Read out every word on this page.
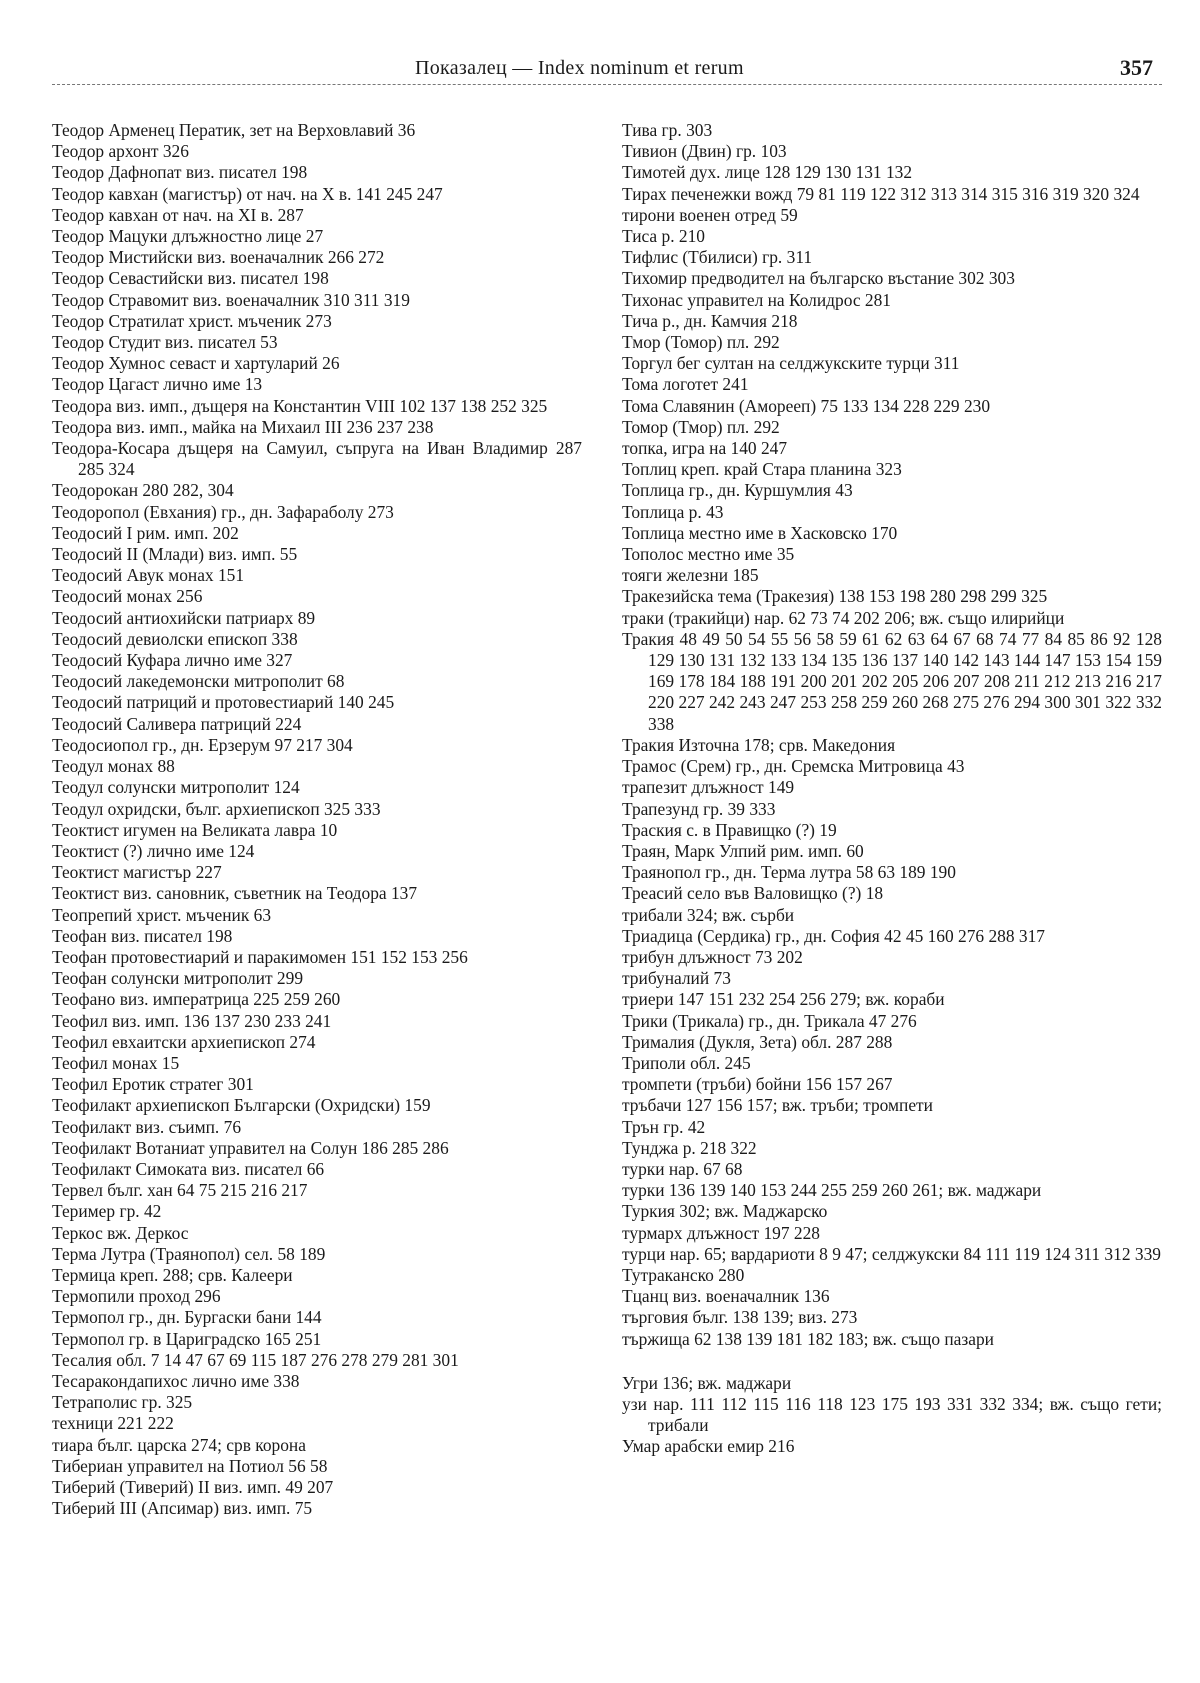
Показалец — Index nominum et rerum	357
Теодор Арменец Перaтик, зет на Верховлавий 36
Теодор архонт 326
Теодор Дафнопат виз. писател 198
Теодор кавхан (магистър) от нач. на X в. 141 245 247
Теодор кавхан от нач. на XI в. 287
Теодор Мацуки длъжностно лице 27
Теодор Мистийски виз. военачалник 266 272
Теодор Севастийски виз. писател 198
Теодор Стравомит виз. военачалник 310 311 319
Теодор Стратилат христ. мъченик 273
Теодор Студит виз. писател 53
Теодор Хумнос севаст и хартуларий 26
Теодор Цагаст лично име 13
Теодора виз. имп., дъщеря на Константин VIII 102 137 138 252 325
Теодора виз. имп., майка на Михаил III 236 237 238
Теодора-Косара дъщеря на Самуил, съпруга на Иван Владимир 287 285 324
Теодорокан 280 282, 304
Теодоропол (Евхания) гр., дн. Зафараболу 273
Теодосий I рим. имп. 202
Теодосий II (Млади) виз. имп. 55
Теодосий Авук монах 151
Теодосий монах 256
Теодосий антиохийски патриарх 89
Теодосий девиолски епископ 338
Теодосий Куфара лично име 327
Теодосий лакедемонски митрополит 68
Теодосий патриций и протовестиарий 140 245
Теодосий Саливера патриций 224
Теодосиопол гр., дн. Ерзерум 97 217 304
Теодул монах 88
Теодул солунски митрополит 124
Теодул охридски, бълг. архиепископ 325 333
Теоктист игумен на Великата лавра 10
Теоктист (?) лично име 124
Теоктист магистър 227
Теоктист виз. сановник, съветник на Теодора 137
Теопрепий христ. мъченик 63
Теофан виз. писател 198
Теофан протовестиарий и паракимомен 151 152 153 256
Теофан солунски митрополит 299
Теофано виз. императрица 225 259 260
Теофил виз. имп. 136 137 230 233 241
Теофил евхаитски архиепископ 274
Теофил монах 15
Теофил Еротик стратег 301
Теофилакт архиепископ Български (Охридски) 159
Теофилакт виз. съимп. 76
Теофилакт Вотаниат управител на Солун 186 285 286
Теофилакт Симоката виз. писател 66
Тервел бълг. хан 64 75 215 216 217
Теример гр. 42
Теркос вж. Деркос
Терма Лутра (Траянопол) сел. 58 189
Термица креп. 288; срв. Калеери
Термопили проход 296
Термопол гр., дн. Бургаски бани 144
Термопол гр. в Цариградско 165 251
Тесалия обл. 7 14 47 67 69 115 187 276 278 279 281 301
Тесаракондапихос лично име 338
Тетраполис гр. 325
техници 221 222
тиара бълг. царска 274; срв корона
Тибериан управител на Потиол 56 58
Тиберий (Тиверий) II виз. имп. 49 207
Тиберий III (Апсимар) виз. имп. 75
Тива гр. 303
Тивион (Двин) гр. 103
Тимотей дух. лице 128 129 130 131 132
Тирах печенежки вожд 79 81 119 122 312 313 314 315 316 319 320 324
тирони военен отред 59
Тиса р. 210
Тифлис (Тбилиси) гр. 311
Тихомир предводител на българско въстание 302 303
Тихонас управител на Колидрос 281
Тича р., дн. Камчия 218
Тмор (Томор) пл. 292
Торгул бег султан на селджукските турци 311
Тома логотет 241
Тома Славянин (Аморееп) 75 133 134 228 229 230
Томор (Тмор) пл. 292
топка, игра на 140 247
Топлиц креп. край Стара планина 323
Топлица гр., дн. Куршумлия 43
Топлица р. 43
Топлица местно име в Хасковско 170
Тополос местно име 35
тояги железни 185
Тракезийска тема (Тракезия) 138 153 198 280 298 299 325
траки (тракийци) нар. 62 73 74 202 206; вж. също илирийци
Тракия 48 49 50 54 55 56 58 59 61 62 63 64 67 68 74 77 84 85 86 92 128 129 130 131 132 133 134 135 136 137 140 142 143 144 147 153 154 159 169 178 184 188 191 200 201 202 205 206 207 208 211 212 213 216 217 220 227 242 243 247 253 258 259 260 268 275 276 294 300 301 322 332 338
Тракия Източна 178; срв. Македония
Трамос (Срем) гр., дн. Сремска Митровица 43
трапезит длъжност 149
Трапезунд гр. 39 333
Траския с. в Правищко (?) 19
Траян, Марк Улпий рим. имп. 60
Траянопол гр., дн. Терма лутра 58 63 189 190
Треасий село във Валовищко (?) 18
трибали 324; вж. сърби
Триадица (Сердика) гр., дн. София 42 45 160 276 288 317
трибун длъжност 73 202
трибуналий 73
триери 147 151 232 254 256 279; вж. кораби
Трики (Трикала) гр., дн. Трикала 47 276
Трималия (Дукля, Зета) обл. 287 288
Триполи обл. 245
тромпети (тръби) бойни 156 157 267
тръбачи 127 156 157; вж. тръби; тромпети
Трън гр. 42
Тунджа р. 218 322
турки нар. 67 68
турки 136 139 140 153 244 255 259 260 261; вж. маджари
Туркия 302; вж. Маджарско
турмарх длъжност 197 228
турци нар. 65; вардариоти 8 9 47; селджукски 84 111 119 124 311 312 339
Тутраканско 280
Тцанц виз. военачалник 136
търговия бълг. 138 139; виз. 273
тържища 62 138 139 181 182 183; вж. също пазари
Угри 136; вж. маджари
узи нар. 111 112 115 116 118 123 175 193 331 332 334; вж. също гети; трибали
Умар арабски емир 216
